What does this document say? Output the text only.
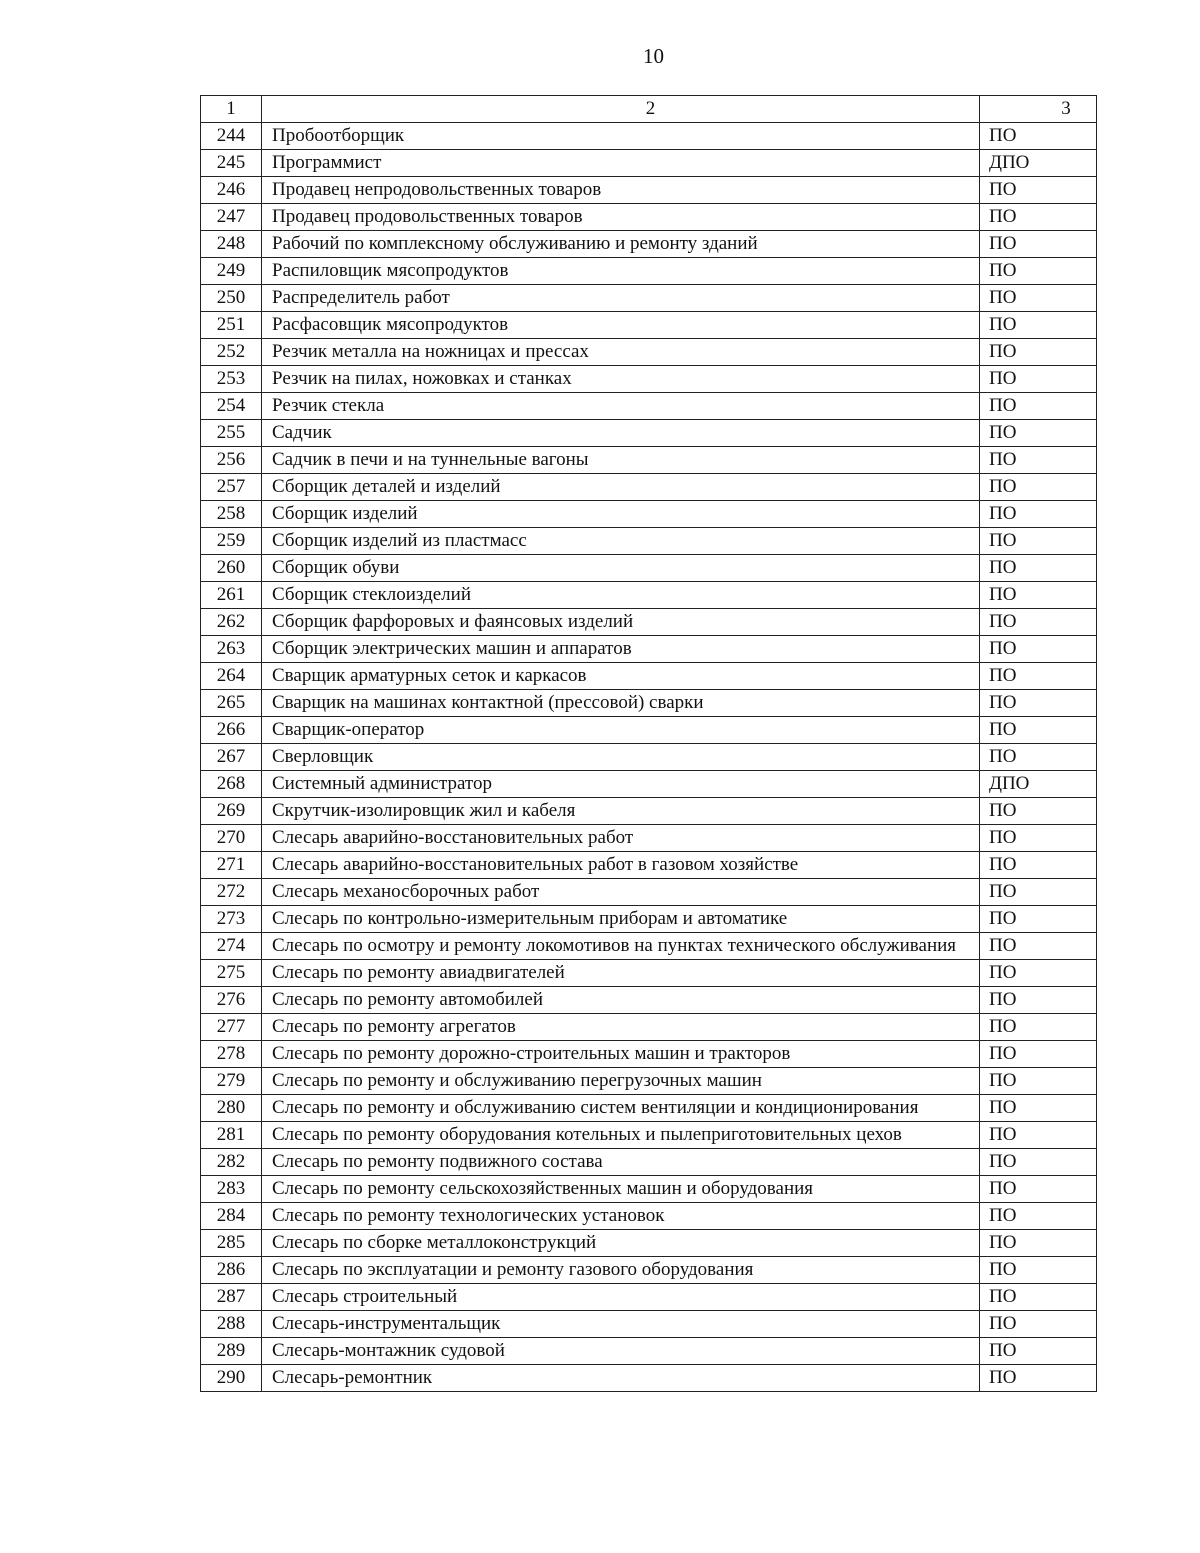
10
1	2	3
244	Пробоотборщик	ПО
245	Программист	ДПО
246	Продавец непродовольственных товаров	ПО
247	Продавец продовольственных товаров	ПО
248	Рабочий по комплексному обслуживанию и ремонту зданий	ПО
249	Распиловщик мясопродуктов	ПО
250	Распределитель работ	ПО
251	Расфасовщик мясопродуктов	ПО
252	Резчик металла на ножницах и прессах	ПО
253	Резчик на пилах, ножовках и станках	ПО
254	Резчик стекла	ПО
255	Садчик	ПО
256	Садчик в печи и на туннельные вагоны	ПО
257	Сборщик деталей и изделий	ПО
258	Сборщик изделий	ПО
259	Сборщик изделий из пластмасс	ПО
260	Сборщик обуви	ПО
261	Сборщик стеклоизделий	ПО
262	Сборщик фарфоровых и фаянсовых изделий	ПО
263	Сборщик электрических машин и аппаратов	ПО
264	Сварщик арматурных сеток и каркасов	ПО
265	Сварщик на машинах контактной (прессовой) сварки	ПО
266	Сварщик-оператор	ПО
267	Сверловщик	ПО
268	Системный администратор	ДПО
269	Скрутчик-изолировщик жил и кабеля	ПО
270	Слесарь аварийно-восстановительных работ	ПО
271	Слесарь аварийно-восстановительных работ в газовом хозяйстве	ПО
272	Слесарь механосборочных работ	ПО
273	Слесарь по контрольно-измерительным приборам и автоматике	ПО
274	Слесарь по осмотру и ремонту локомотивов на пунктах технического обслуживания	ПО
275	Слесарь по ремонту авиадвигателей	ПО
276	Слесарь по ремонту автомобилей	ПО
277	Слесарь по ремонту агрегатов	ПО
278	Слесарь по ремонту дорожно-строительных машин и тракторов	ПО
279	Слесарь по ремонту и обслуживанию перегрузочных машин	ПО
280	Слесарь по ремонту и обслуживанию систем вентиляции и кондиционирования	ПО
281	Слесарь по ремонту оборудования котельных и пылеприготовительных цехов	ПО
282	Слесарь по ремонту подвижного состава	ПО
283	Слесарь по ремонту сельскохозяйственных машин и оборудования	ПО
284	Слесарь по ремонту технологических установок	ПО
285	Слесарь по сборке металлоконструкций	ПО
286	Слесарь по эксплуатации и ремонту газового оборудования	ПО
287	Слесарь строительный	ПО
288	Слесарь-инструментальщик	ПО
289	Слесарь-монтажник судовой	ПО
290	Слесарь-ремонтник	ПО
